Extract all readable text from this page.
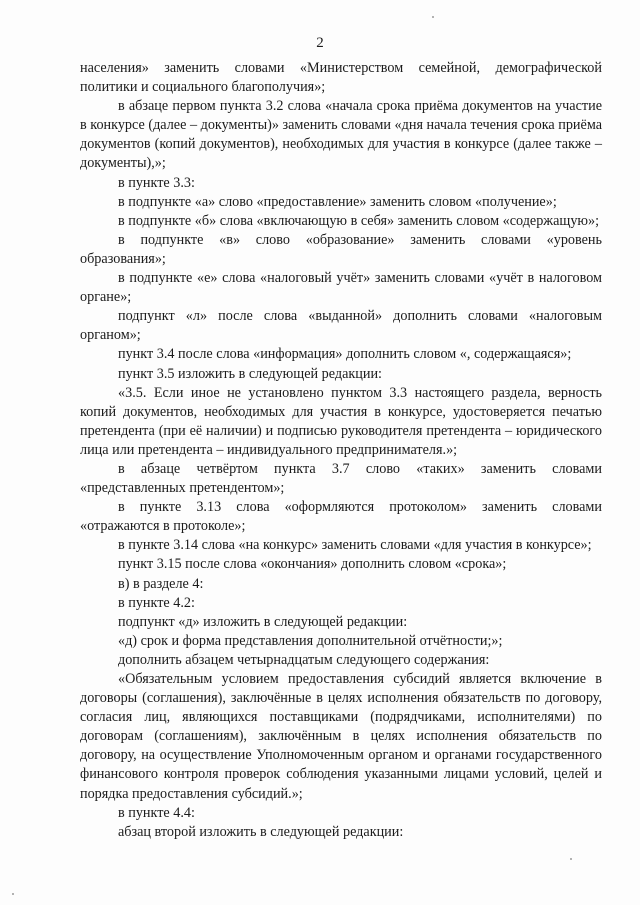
2

населения» заменить словами «Министерством семейной, демографической политики и социального благополучия»;

в абзаце первом пункта 3.2 слова «начала срока приёма документов на участие в конкурсе (далее – документы)» заменить словами «дня начала течения срока приёма документов (копий документов), необходимых для участия в конкурсе (далее также – документы),»;

в пункте 3.3:

в подпункте «а» слово «предоставление» заменить словом «получение»;

в подпункте «б» слова «включающую в себя» заменить словом «содержащую»;

в подпункте «в» слово «образование» заменить словами «уровень образования»;

в подпункте «е» слова «налоговый учёт» заменить словами «учёт в налоговом органе»;

подпункт «л» после слова «выданной» дополнить словами «налоговым органом»;

пункт 3.4 после слова «информация» дополнить словом «, содержащаяся»;

пункт 3.5 изложить в следующей редакции:

«3.5. Если иное не установлено пунктом 3.3 настоящего раздела, верность копий документов, необходимых для участия в конкурсе, удостоверяется печатью претендента (при её наличии) и подписью руководителя претендента – юридического лица или претендента – индивидуального предпринимателя.»;

в абзаце четвёртом пункта 3.7 слово «таких» заменить словами «представленных претендентом»;

в пункте 3.13 слова «оформляются протоколом» заменить словами «отражаются в протоколе»;

в пункте 3.14 слова «на конкурс» заменить словами «для участия в конкурсе»;

пункт 3.15 после слова «окончания» дополнить словом «срока»;

в) в разделе 4:

в пункте 4.2:

подпункт «д» изложить в следующей редакции:

«д) срок и форма представления дополнительной отчётности;»;

дополнить абзацем четырнадцатым следующего содержания:

«Обязательным условием предоставления субсидий является включение в договоры (соглашения), заключённые в целях исполнения обязательств по договору, согласия лиц, являющихся поставщиками (подрядчиками, исполнителями) по договорам (соглашениям), заключённым в целях исполнения обязательств по договору, на осуществление Уполномоченным органом и органами государственного финансового контроля проверок соблюдения указанными лицами условий, целей и порядка предоставления субсидий.»;

в пункте 4.4:

абзац второй изложить в следующей редакции:
